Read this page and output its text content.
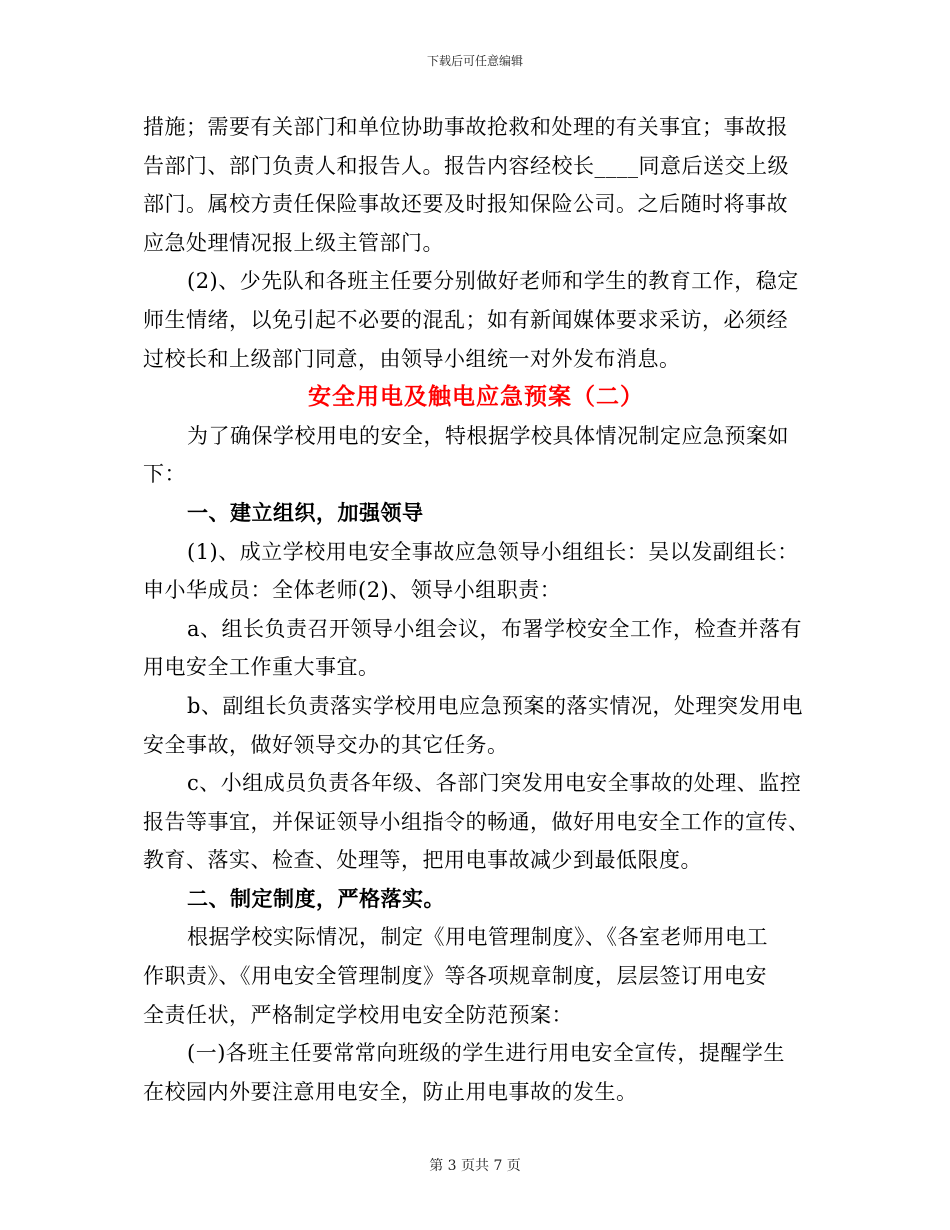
下载后可任意编辑

措施；需要有关部门和单位协助事故抢救和处理的有关事宜；事故报

告部门、部门负责人和报告人。报告内容经校长____同意后送交上级

部门。属校方责任保险事故还要及时报知保险公司。之后随时将事故

应急处理情况报上级主管部门。

(2)、少先队和各班主任要分别做好老师和学生的教育工作，稳定

师生情绪，以免引起不必要的混乱；如有新闻媒体要求采访，必须经

过校长和上级部门同意，由领导小组统一对外发布消息。

安全用电及触电应急预案（二）

为了确保学校用电的安全，特根据学校具体情况制定应急预案如

下：

一、建立组织，加强领导

(1)、成立学校用电安全事故应急领导小组组长：吴以发副组长：

申小华成员：全体老师(2)、领导小组职责：

a、组长负责召开领导小组会议，布署学校安全工作，检查并落有

用电安全工作重大事宜。

b、副组长负责落实学校用电应急预案的落实情况，处理突发用电

安全事故，做好领导交办的其它任务。

c、小组成员负责各年级、各部门突发用电安全事故的处理、监控

报告等事宜，并保证领导小组指令的畅通，做好用电安全工作的宣传、

教育、落实、检查、处理等，把用电事故减少到最低限度。

二、制定制度，严格落实。

根据学校实际情况，制定《用电管理制度》、《各室老师用电工

作职责》、《用电安全管理制度》等各项规章制度，层层签订用电安

全责任状，严格制定学校用电安全防范预案：

(一)各班主任要常常向班级的学生进行用电安全宣传，提醒学生

在校园内外要注意用电安全，防止用电事故的发生。

第 3 页共 7 页
